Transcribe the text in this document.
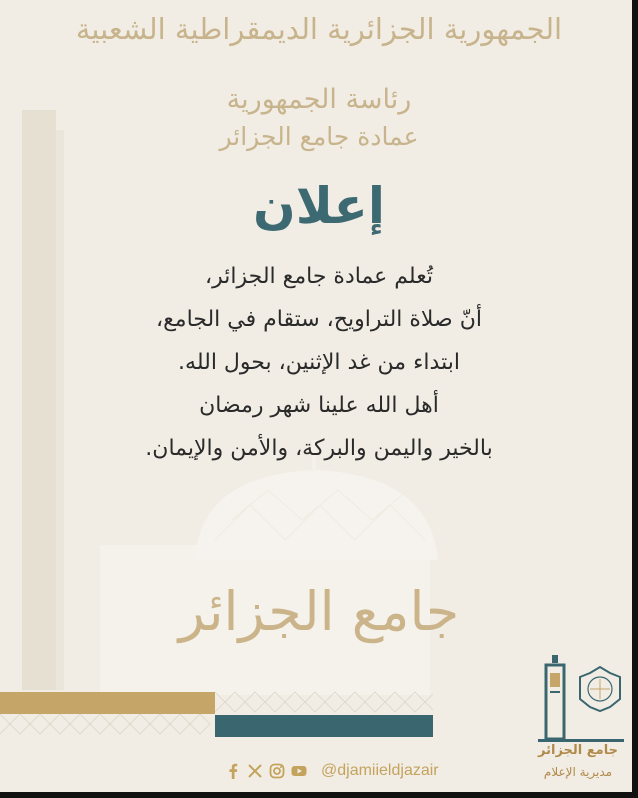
الجمهورية الجزائرية الديمقراطية الشعبية
رئاسة الجمهورية
عمادة جامع الجزائر
إعلان
تُعلم عمادة جامع الجزائر،
أنّ صلاة التراويح، ستقام في الجامع،
ابتداء من غد الإثنين، بحول الله.
أهل الله علينا شهر رمضان
بالخير واليمن والبركة، والأمن والإيمان.
جامع الجزائر
@djamiieldjazair
جامع الجزائر
مديرية الإعلام
